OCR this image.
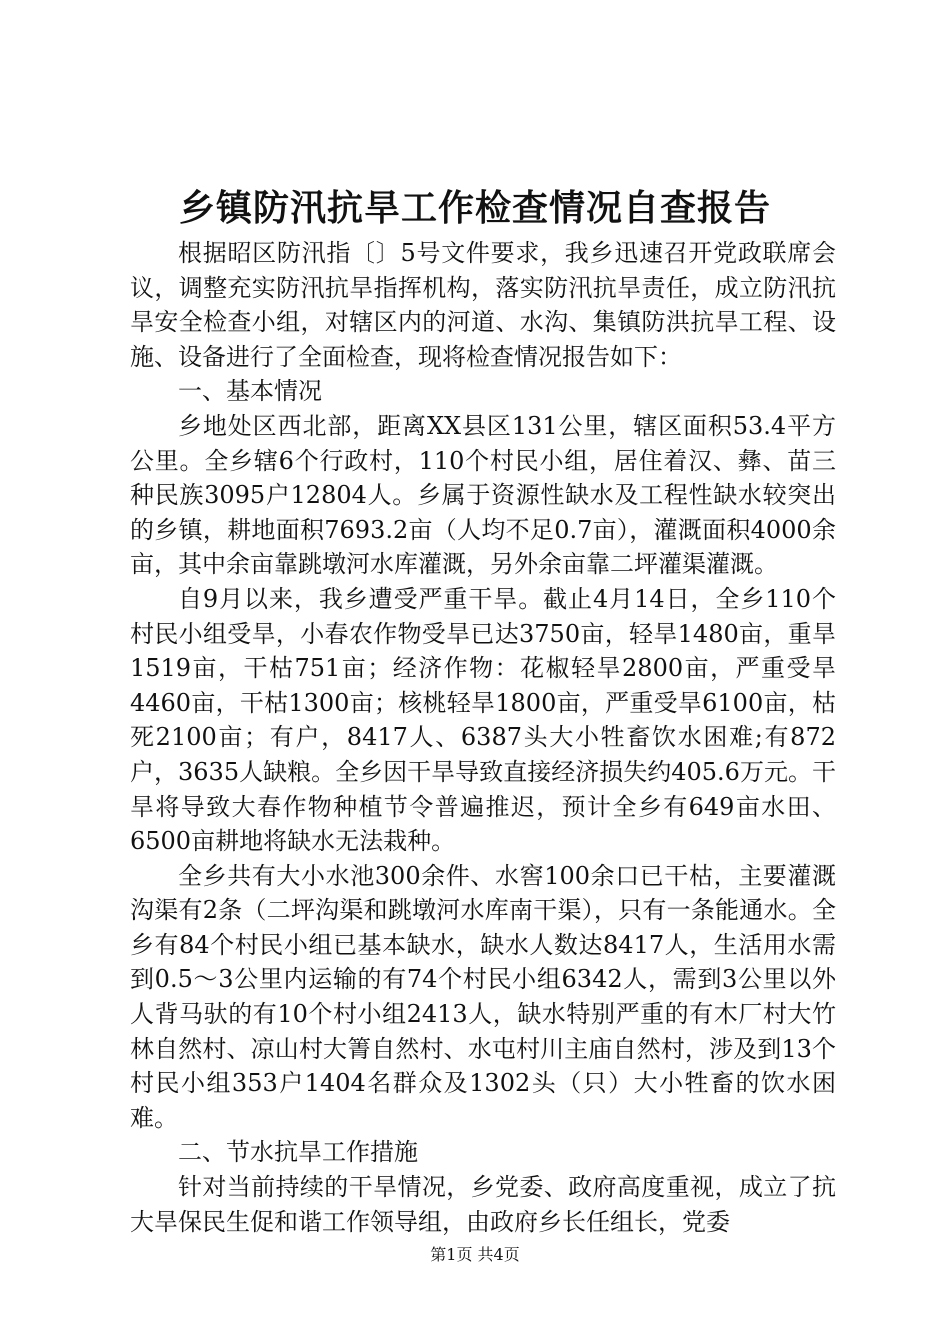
乡镇防汛抗旱工作检查情况自查报告

根据昭区防汛指〔〕5号文件要求，我乡迅速召开党政联席会议，调整充实防汛抗旱指挥机构，落实防汛抗旱责任，成立防汛抗旱安全检查小组，对辖区内的河道、水沟、集镇防洪抗旱工程、设施、设备进行了全面检查，现将检查情况报告如下：

一、基本情况

乡地处区西北部，距离XX县区131公里，辖区面积53.4平方公里。全乡辖6个行政村，110个村民小组，居住着汉、彝、苗三种民族3095户12804人。乡属于资源性缺水及工程性缺水较突出的乡镇，耕地面积7693.2亩（人均不足0.7亩），灌溉面积4000余亩，其中余亩靠跳墩河水库灌溉，另外余亩靠二坪灌渠灌溉。

自9月以来，我乡遭受严重干旱。截止4月14日，全乡110个村民小组受旱，小春农作物受旱已达3750亩，轻旱1480亩，重旱1519亩，干枯751亩；经济作物：花椒轻旱2800亩，严重受旱4460亩，干枯1300亩；核桃轻旱1800亩，严重受旱6100亩，枯死2100亩；有户，8417人、6387头大小牲畜饮水困难;有872户，3635人缺粮。全乡因干旱导致直接经济损失约405.6万元。干旱将导致大春作物种植节令普遍推迟，预计全乡有649亩水田、6500亩耕地将缺水无法栽种。

全乡共有大小水池300余件、水窖100余口已干枯，主要灌溉沟渠有2条（二坪沟渠和跳墩河水库南干渠），只有一条能通水。全乡有84个村民小组已基本缺水，缺水人数达8417人，生活用水需到0.5～3公里内运输的有74个村民小组6342人，需到3公里以外人背马驮的有10个村小组2413人，缺水特别严重的有木厂村大竹林自然村、凉山村大箐自然村、水屯村川主庙自然村，涉及到13个村民小组353户1404名群众及1302头（只）大小牲畜的饮水困难。

二、节水抗旱工作措施

针对当前持续的干旱情况，乡党委、政府高度重视，成立了抗大旱保民生促和谐工作领导组，由政府乡长任组长，党委

第1页 共4页
